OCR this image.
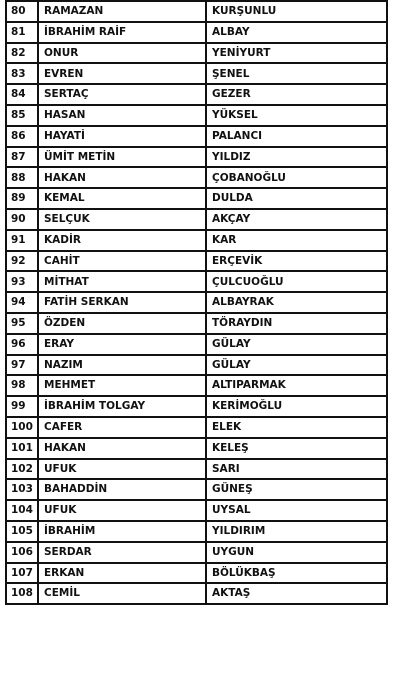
80	RAMAZAN	KURŞUNLU
81	İBRAHİM RAİF	ALBAY
82	ONUR	YENİYURT
83	EVREN	ŞENEL
84	SERTAÇ	GEZER
85	HASAN	YÜKSEL
86	HAYATİ	PALANCI
87	ÜMİT METİN	YILDIZ
88	HAKAN	ÇOBANOĞLU
89	KEMAL	DULDA
90	SELÇUK	AKÇAY
91	KADİR	KAR
92	CAHİT	ERÇEVİK
93	MİTHAT	ÇULCUOĞLU
94	FATİH SERKAN	ALBAYRAK
95	ÖZDEN	TÖRAYDIN
96	ERAY	GÜLAY
97	NAZIM	GÜLAY
98	MEHMET	ALTIPARMAK
99	İBRAHİM TOLGAY	KERİMOĞLU
100	CAFER	ELEK
101	HAKAN	KELEŞ
102	UFUK	SARI
103	BAHADDİN	GÜNEŞ
104	UFUK	UYSAL
105	İBRAHİM	YILDIRIM
106	SERDAR	UYGUN
107	ERKAN	BÖLÜKBAŞ
108	CEMİL	AKTAŞ
